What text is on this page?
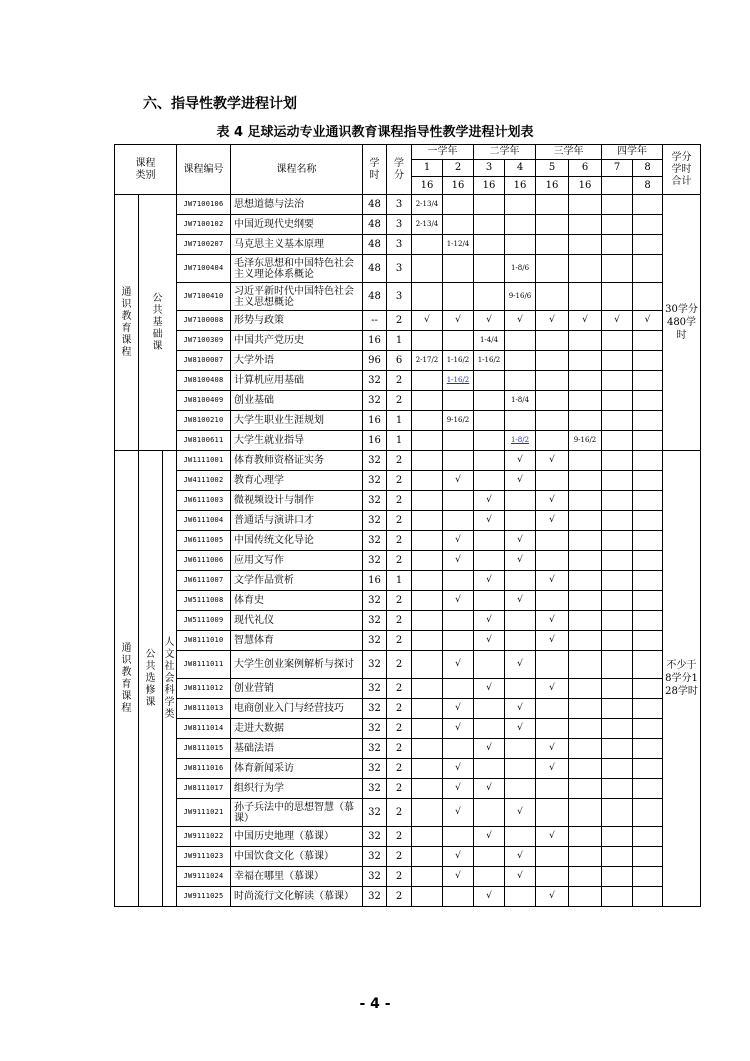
六、指导性教学进程计划
表 4 足球运动专业通识教育课程指导性教学进程计划表
课程类别			课程编号	课程名称	学时	学分	一学年		二学年		三学年		四学年		学分学时合计
							1	2	3	4	5	6	7	8	
							16	16	16	16	16	16		8	
通识教育课程	公共基础课		JW7100106	思想道德与法治	48	3	2-13/4								30学分480学时
			JW7100102	中国近现代史纲要	48	3	2-13/4								
			JW7100207	马克思主义基本原理	48	3		1-12/4							
			JW7100404	毛泽东思想和中国特色社会主义理论体系概论	48	3				1-8/6					
			JW7100410	习近平新时代中国特色社会主义思想概论	48	3				9-16/6					
			JW7100008	形势与政策	--	2	√	√	√	√	√	√	√	√	
			JW7100309	中国共产党历史	16	1			1-4/4						
			JW8100007	大学外语	96	6	2-17/2	1-16/2	1-16/2						
			JW8100408	计算机应用基础	32	2		1-16/2							
			JW8100409	创业基础	32	2				1-8/4					
			JW8100210	大学生职业生涯规划	16	1		9-16/2							
			JW8100611	大学生就业指导	16	1				1-8/2		9-16/2			
通识教育课程	公共选修课	人文社会科学类	JW1111001	体育教师资格证实务	32	2				√	√				不少于8学分128学时
			JW4111002	教育心理学	32	2		√		√					
			JW6111003	微视频设计与制作	32	2			√		√				
			JW6111004	普通话与演讲口才	32	2			√		√				
			JW6111005	中国传统文化导论	32	2		√		√					
			JW6111006	应用文写作	32	2		√		√					
			JW6111007	文学作品赏析	16	1			√		√				
			JW5111008	体育史	32	2		√		√					
			JW5111009	现代礼仪	32	2			√		√				
			JW8111010	智慧体育	32	2			√		√				
			JW8111011	大学生创业案例解析与探讨	32	2		√		√					
			JW8111012	创业营销	32	2			√		√				
			JW8111013	电商创业入门与经营技巧	32	2		√		√					
			JW8111014	走进大数据	32	2		√		√					
			JW8111015	基础法语	32	2			√		√				
			JW8111016	体育新闻采访	32	2		√			√				
			JW8111017	组织行为学	32	2		√	√						
			JW9111021	孙子兵法中的思想智慧（慕课）	32	2		√		√					
			JW9111022	中国历史地理（慕课）	32	2			√		√				
			JW9111023	中国饮食文化（慕课）	32	2		√		√					
			JW9111024	幸福在哪里（慕课）	32	2		√		√					
			JW9111025	时尚流行文化解读（慕课）	32	2			√		√				
- 4 -
